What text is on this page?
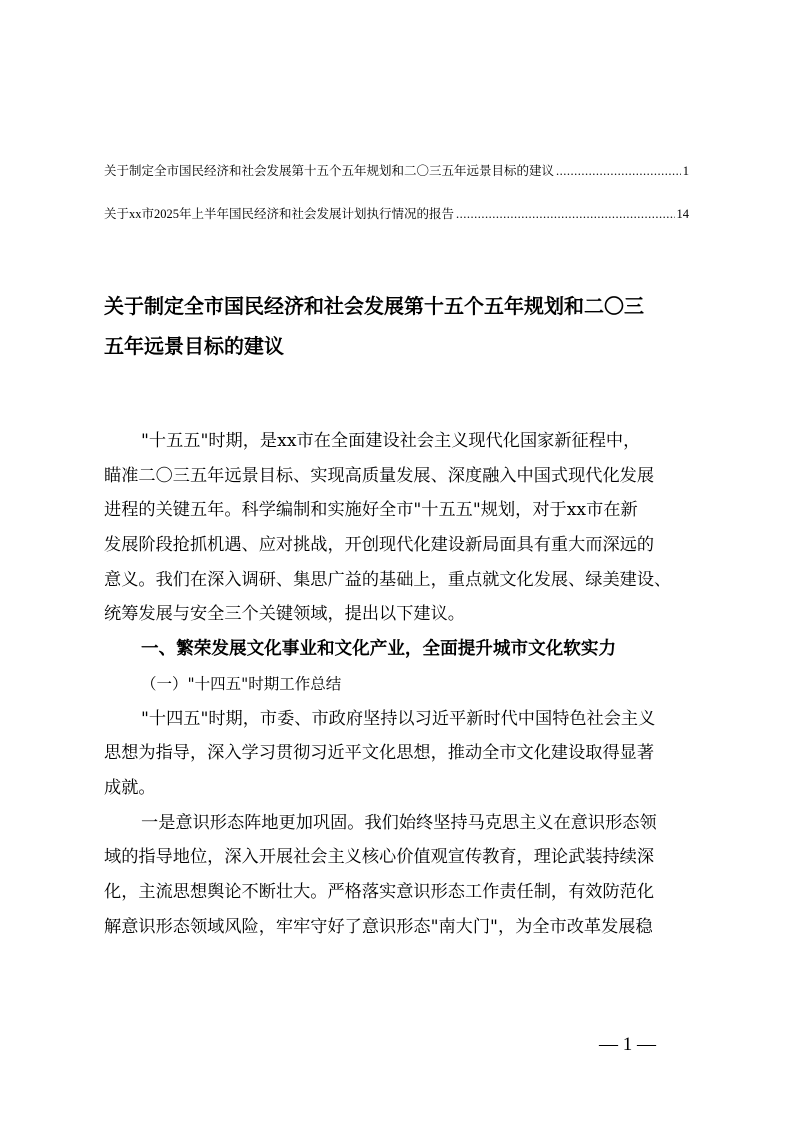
关于制定全市国民经济和社会发展第十五个五年规划和二〇三五年远景目标的建议 .....	1
关于xx市2025年上半年国民经济和社会发展计划执行情况的报告 .....	14
关于制定全市国民经济和社会发展第十五个五年规划和二〇三
五年远景目标的建议
"十五五"时期，是xx市在全面建设社会主义现代化国家新征程中，
瞄准二〇三五年远景目标、实现高质量发展、深度融入中国式现代化发展
进程的关键五年。科学编制和实施好全市"十五五"规划，对于xx市在新
发展阶段抢抓机遇、应对挑战，开创现代化建设新局面具有重大而深远的
意义。我们在深入调研、集思广益的基础上，重点就文化发展、绿美建设、
统筹发展与安全三个关键领域，提出以下建议。
一、繁荣发展文化事业和文化产业，全面提升城市文化软实力
（一）"十四五"时期工作总结
"十四五"时期，市委、市政府坚持以习近平新时代中国特色社会主义
思想为指导，深入学习贯彻习近平文化思想，推动全市文化建设取得显著
成就。
一是意识形态阵地更加巩固。我们始终坚持马克思主义在意识形态领
域的指导地位，深入开展社会主义核心价值观宣传教育，理论武装持续深
化，主流思想舆论不断壮大。严格落实意识形态工作责任制，有效防范化
解意识形态领域风险，牢牢守好了意识形态"南大门"，为全市改革发展稳
— 1 —
